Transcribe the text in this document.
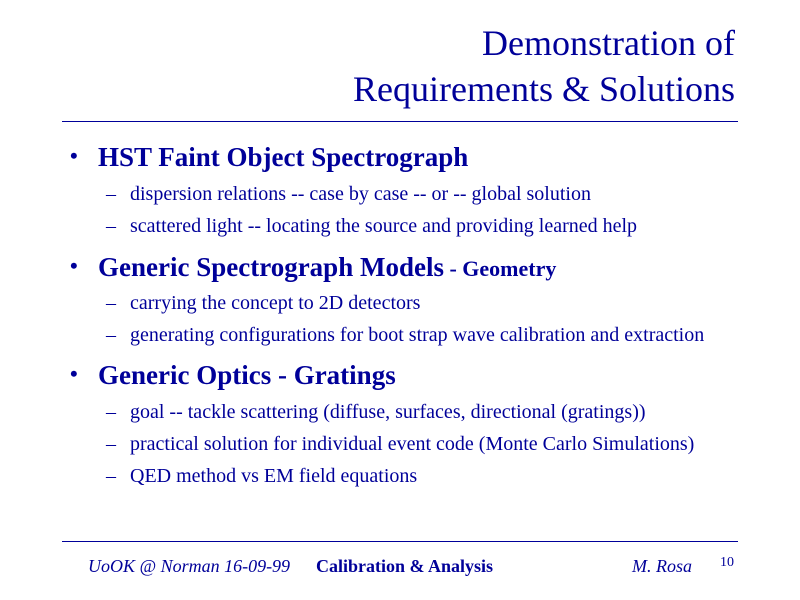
Demonstration of
Requirements & Solutions
• HST Faint Object Spectrograph
– dispersion relations -- case by case -- or -- global solution
– scattered light -- locating the source and providing learned help
• Generic Spectrograph Models - Geometry
– carrying the concept to 2D detectors
– generating configurations for boot strap wave calibration and extraction
• Generic Optics - Gratings
– goal -- tackle scattering (diffuse, surfaces, directional (gratings))
– practical solution for individual event code (Monte Carlo Simulations)
– QED method vs EM field equations
UoOK @ Norman 16-09-99 Calibration & Analysis	M. Rosa 10
